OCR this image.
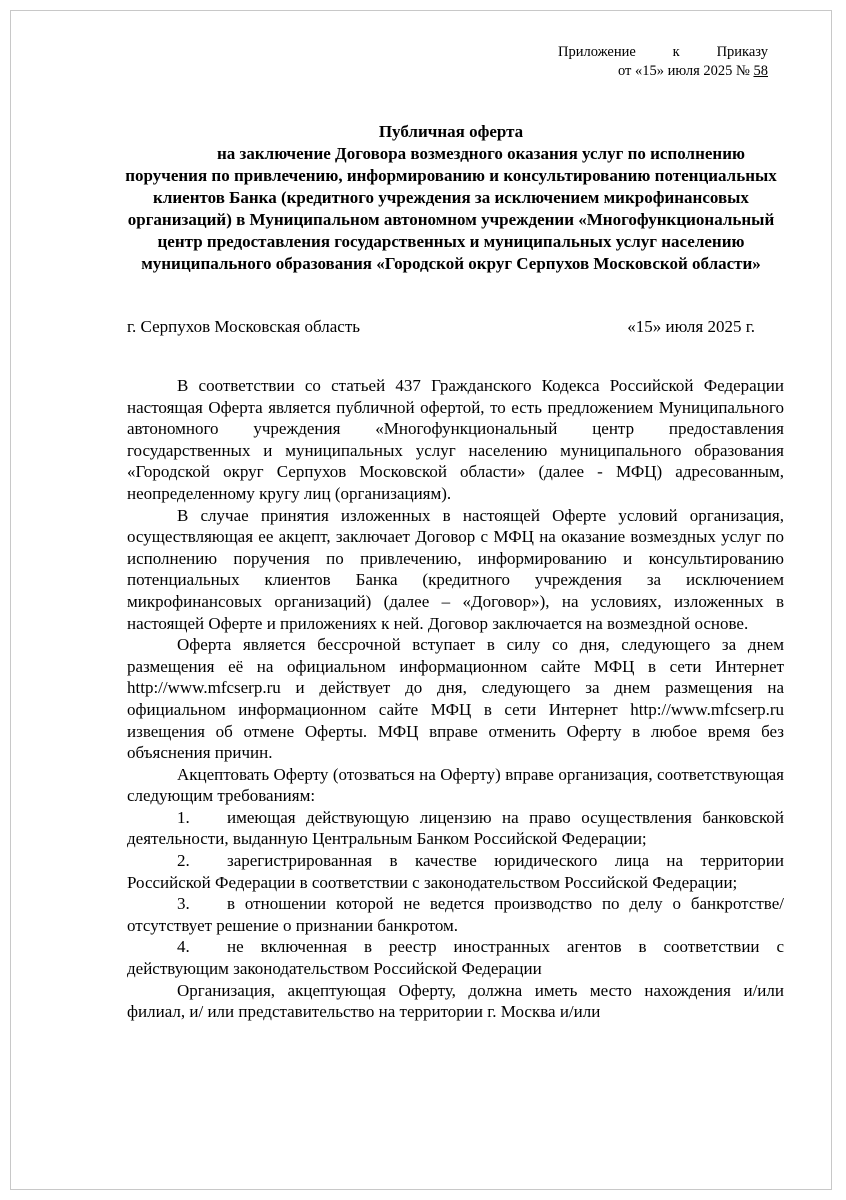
Приложение	к	Приказу
от «15» июля 2025 № 58
Публичная оферта
на заключение Договора возмездного оказания услуг по исполнению поручения по привлечению, информированию и консультированию потенциальных клиентов Банка (кредитного учреждения за исключением микрофинансовых организаций) в Муниципальном автономном учреждении «Многофункциональный центр предоставления государственных и муниципальных услуг населению муниципального образования «Городской округ Серпухов Московской области»
г. Серпухов Московская область	«15» июля 2025 г.

В соответствии со статьей 437 Гражданского Кодекса Российской Федерации настоящая Оферта является публичной офертой, то есть предложением Муниципального автономного учреждения «Многофункциональный центр предоставления государственных и муниципальных услуг населению муниципального образования «Городской округ Серпухов Московской области» (далее - МФЦ) адресованным, неопределенному кругу лиц (организациям).

В случае принятия изложенных в настоящей Оферте условий организация, осуществляющая ее акцепт, заключает Договор с МФЦ на оказание возмездных услуг по исполнению поручения по привлечению, информированию и консультированию потенциальных клиентов Банка (кредитного учреждения за исключением микрофинансовых организаций) (далее – «Договор»), на условиях, изложенных в настоящей Оферте и приложениях к ней. Договор заключается на возмездной основе.

Оферта является бессрочной вступает в силу со дня, следующего за днем размещения её на официальном информационном сайте МФЦ в сети Интернет http://www.mfcserp.ru и действует до дня, следующего за днем размещения на официальном информационном сайте МФЦ в сети Интернет http://www.mfcserp.ru извещения об отмене Оферты. МФЦ вправе отменить Оферту в любое время без объяснения причин.

Акцептовать Оферту (отозваться на Оферту) вправе организация, соответствующая следующим требованиям:

1. имеющая действующую лицензию на право осуществления банковской деятельности, выданную Центральным Банком Российской Федерации;

2. зарегистрированная в качестве юридического лица на территории Российской Федерации в соответствии с законодательством Российской Федерации;

3. в отношении которой не ведется производство по делу о банкротстве/отсутствует решение о признании банкротом.

4. не включенная в реестр иностранных агентов в соответствии с действующим законодательством Российской Федерации

Организация, акцептующая Оферту, должна иметь место нахождения и/или филиал, и/ или представительство на территории г. Москва и/или
